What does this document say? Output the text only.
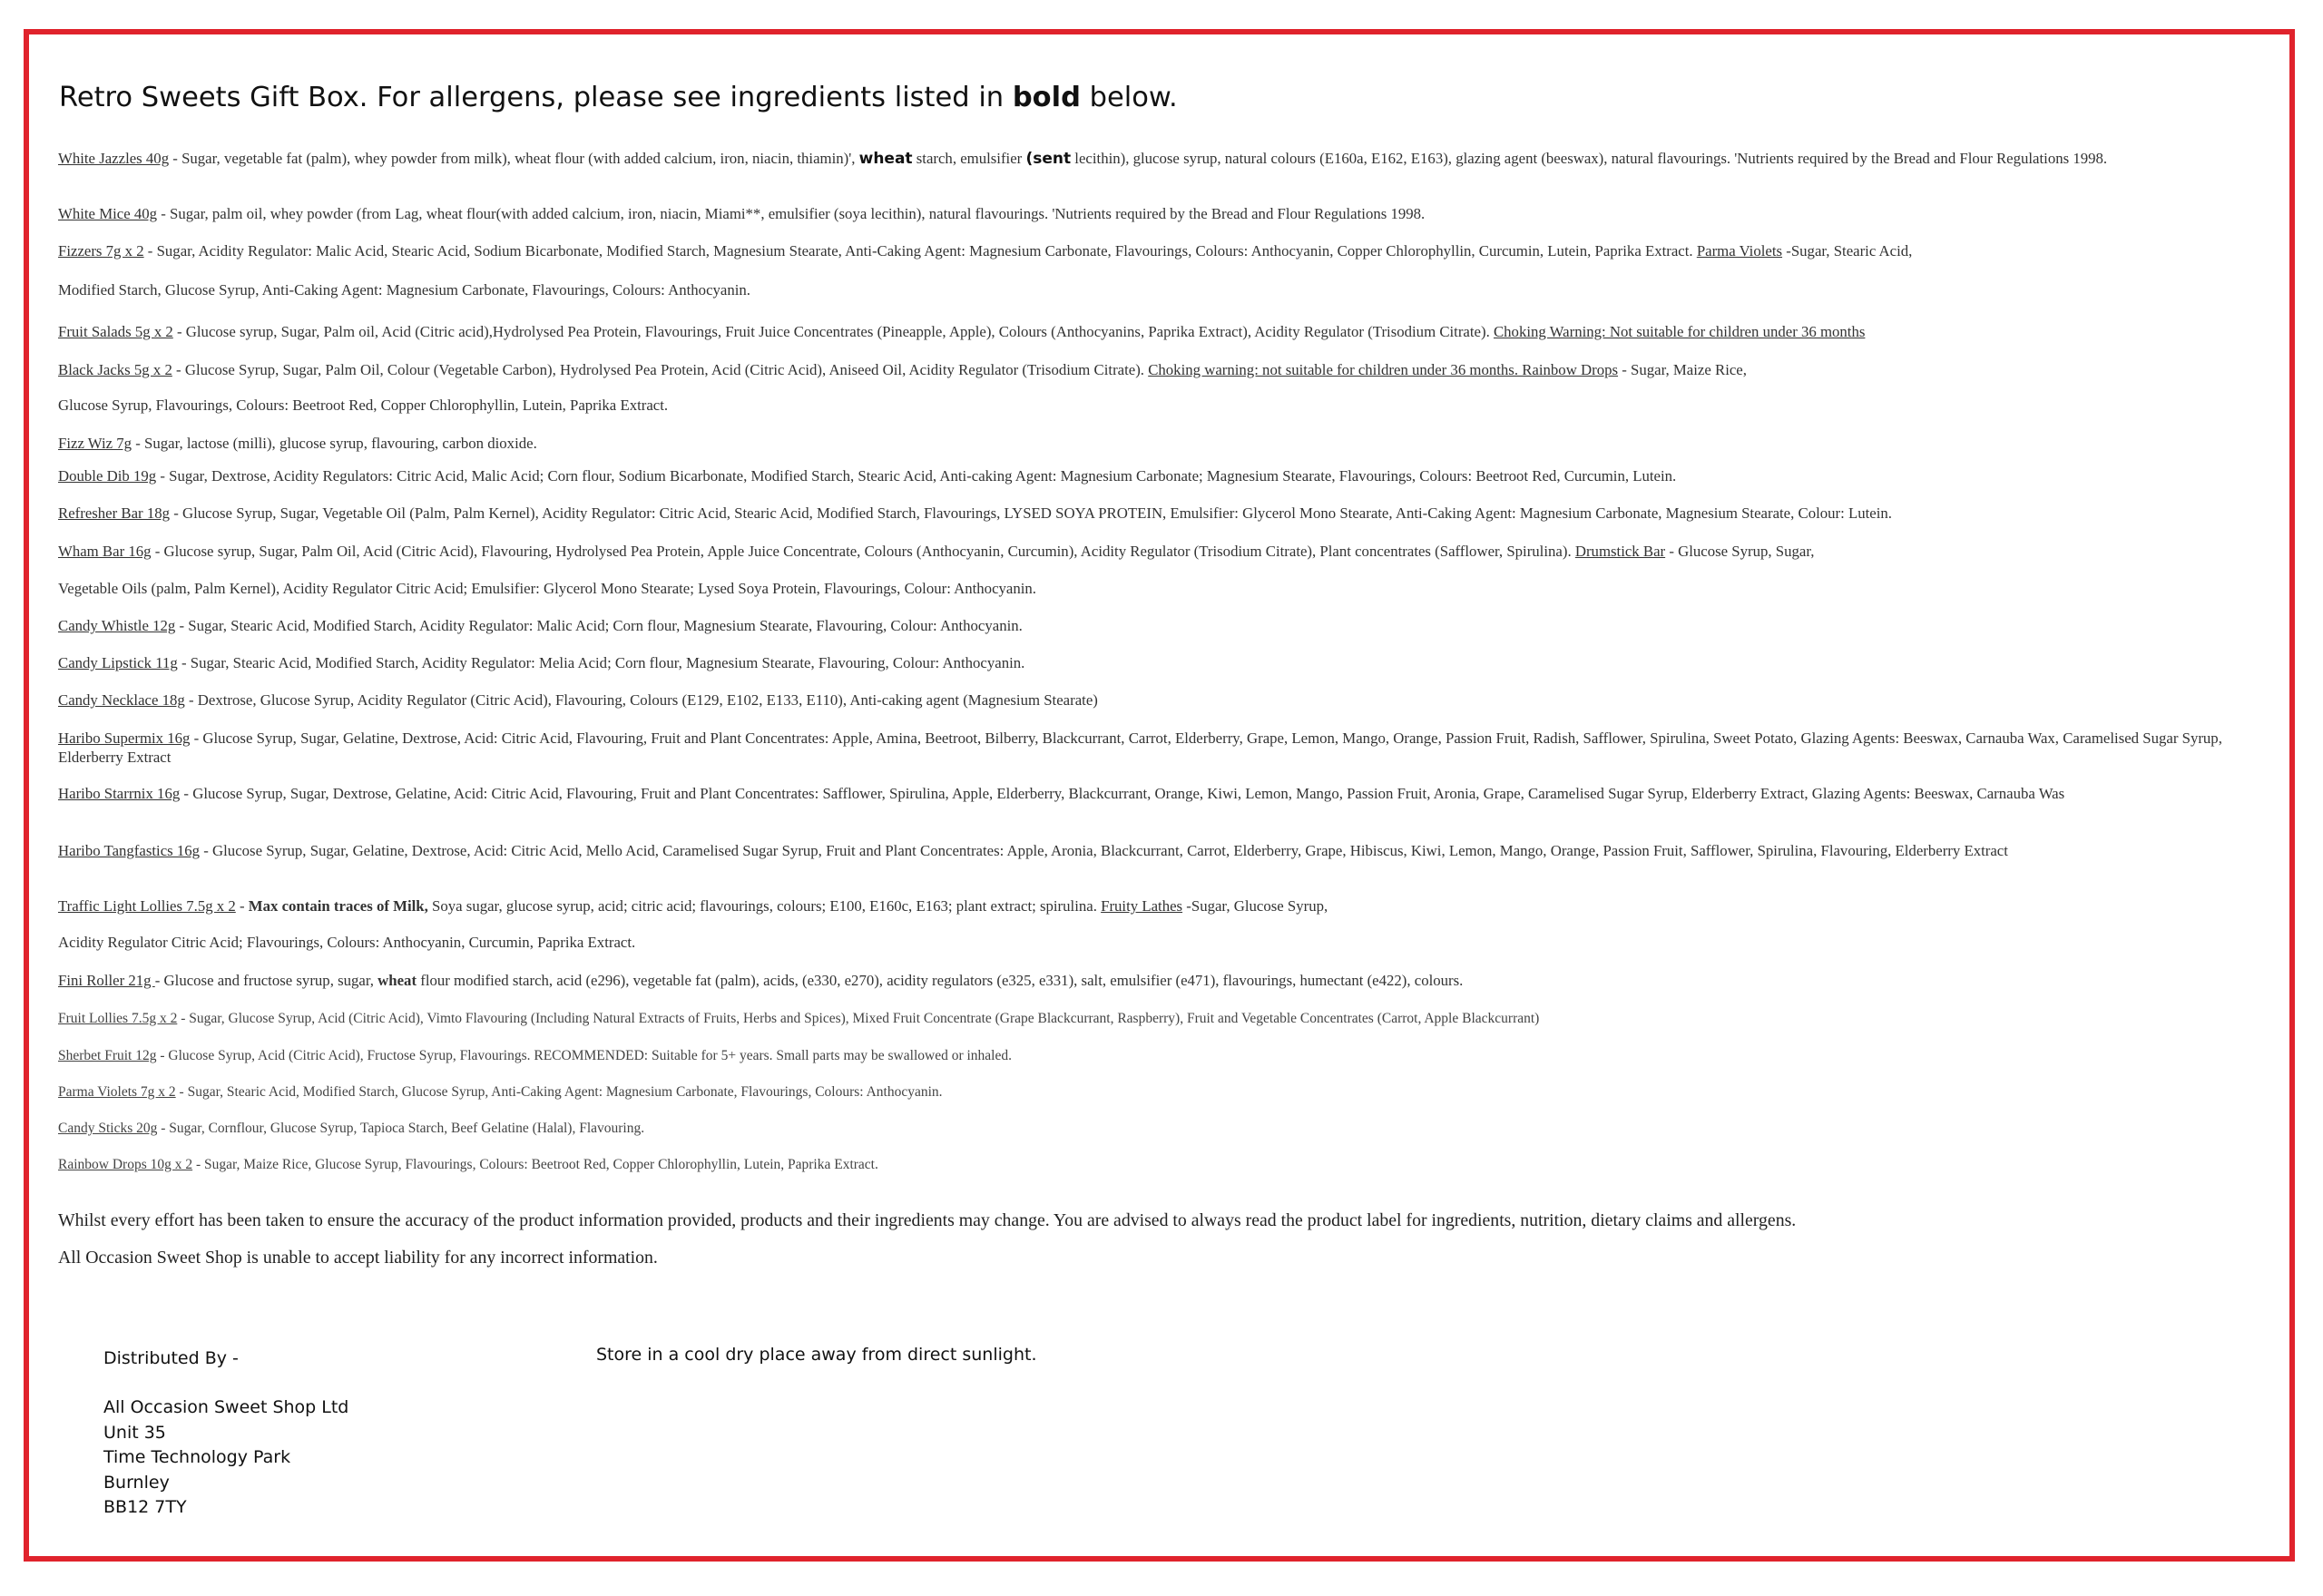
Retro Sweets Gift Box. For allergens, please see ingredients listed in bold below.
White Jazzles 40g - Sugar, vegetable fat (palm), whey powder from milk), wheat flour (with added calcium, iron, niacin, thiamin)', wheat starch, emulsifier (sent lecithin), glucose syrup, natural colours (E160a, E162, E163), glazing agent (beeswax), natural flavourings. 'Nutrients required by the Bread and Flour Regulations 1998.
White Mice 40g - Sugar, palm oil, whey powder (from Lag, wheat flour(with added calcium, iron, niacin, Miami**, emulsifier (soya lecithin), natural flavourings. 'Nutrients required by the Bread and Flour Regulations 1998.
Fizzers 7g x 2 - Sugar, Acidity Regulator: Malic Acid, Stearic Acid, Sodium Bicarbonate, Modified Starch, Magnesium Stearate, Anti-Caking Agent: Magnesium Carbonate, Flavourings, Colours: Anthocyanin, Copper Chlorophyllin, Curcumin, Lutein, Paprika Extract. Parma Violets -Sugar, Stearic Acid,
Modified Starch, Glucose Syrup, Anti-Caking Agent: Magnesium Carbonate, Flavourings, Colours: Anthocyanin.
Fruit Salads 5g x 2 - Glucose syrup, Sugar, Palm oil, Acid (Citric acid),Hydrolysed Pea Protein, Flavourings, Fruit Juice Concentrates (Pineapple, Apple), Colours (Anthocyanins, Paprika Extract), Acidity Regulator (Trisodium Citrate). Choking Warning: Not suitable for children under 36 months
Black Jacks 5g x 2 - Glucose Syrup, Sugar, Palm Oil, Colour (Vegetable Carbon), Hydrolysed Pea Protein, Acid (Citric Acid), Aniseed Oil, Acidity Regulator (Trisodium Citrate). Choking warning: not suitable for children under 36 months. Rainbow Drops - Sugar, Maize Rice,
Glucose Syrup, Flavourings, Colours: Beetroot Red, Copper Chlorophyllin, Lutein, Paprika Extract.
Fizz Wiz 7g - Sugar, lactose (milli), glucose syrup, flavouring, carbon dioxide.
Double Dib 19g - Sugar, Dextrose, Acidity Regulators: Citric Acid, Malic Acid; Corn flour, Sodium Bicarbonate, Modified Starch, Stearic Acid, Anti-caking Agent: Magnesium Carbonate; Magnesium Stearate, Flavourings, Colours: Beetroot Red, Curcumin, Lutein.
Refresher Bar 18g - Glucose Syrup, Sugar, Vegetable Oil (Palm, Palm Kernel), Acidity Regulator: Citric Acid, Stearic Acid, Modified Starch, Flavourings, LYSED SOYA PROTEIN, Emulsifier: Glycerol Mono Stearate, Anti-Caking Agent: Magnesium Carbonate, Magnesium Stearate, Colour: Lutein.
Wham Bar 16g - Glucose syrup, Sugar, Palm Oil, Acid (Citric Acid), Flavouring, Hydrolysed Pea Protein, Apple Juice Concentrate, Colours (Anthocyanin, Curcumin), Acidity Regulator (Trisodium Citrate), Plant concentrates (Safflower, Spirulina). Drumstick Bar - Glucose Syrup, Sugar,
Vegetable Oils (palm, Palm Kernel), Acidity Regulator Citric Acid; Emulsifier: Glycerol Mono Stearate; Lysed Soya Protein, Flavourings, Colour: Anthocyanin.
Candy Whistle 12g - Sugar, Stearic Acid, Modified Starch, Acidity Regulator: Malic Acid; Corn flour, Magnesium Stearate, Flavouring, Colour: Anthocyanin.
Candy Lipstick 11g - Sugar, Stearic Acid, Modified Starch, Acidity Regulator: Melia Acid; Corn flour, Magnesium Stearate, Flavouring, Colour: Anthocyanin.
Candy Necklace 18g - Dextrose, Glucose Syrup, Acidity Regulator (Citric Acid), Flavouring, Colours (E129, E102, E133, E110), Anti-caking agent (Magnesium Stearate)
Haribo Supermix 16g - Glucose Syrup, Sugar, Gelatine, Dextrose, Acid: Citric Acid, Flavouring, Fruit and Plant Concentrates: Apple, Amina, Beetroot, Bilberry, Blackcurrant, Carrot, Elderberry, Grape, Lemon, Mango, Orange, Passion Fruit, Radish, Safflower, Spirulina, Sweet Potato, Glazing Agents: Beeswax, Carnauba Wax, Caramelised Sugar Syrup, Elderberry Extract
Haribo Starrnix 16g - Glucose Syrup, Sugar, Dextrose, Gelatine, Acid: Citric Acid, Flavouring, Fruit and Plant Concentrates: Safflower, Spirulina, Apple, Elderberry, Blackcurrant, Orange, Kiwi, Lemon, Mango, Passion Fruit, Aronia, Grape, Caramelised Sugar Syrup, Elderberry Extract, Glazing Agents: Beeswax, Carnauba Was
Haribo Tangfastics 16g - Glucose Syrup, Sugar, Gelatine, Dextrose, Acid: Citric Acid, Mello Acid, Caramelised Sugar Syrup, Fruit and Plant Concentrates: Apple, Aronia, Blackcurrant, Carrot, Elderberry, Grape, Hibiscus, Kiwi, Lemon, Mango, Orange, Passion Fruit, Safflower, Spirulina, Flavouring, Elderberry Extract
Traffic Light Lollies 7.5g x 2 - Max contain traces of Milk, Soya sugar, glucose syrup, acid; citric acid; flavourings, colours; E100, E160c, E163; plant extract; spirulina. Fruity Lathes -Sugar, Glucose Syrup,
Acidity Regulator Citric Acid; Flavourings, Colours: Anthocyanin, Curcumin, Paprika Extract.
Fini Roller 21g - Glucose and fructose syrup, sugar, wheat flour modified starch, acid (e296), vegetable fat (palm), acids, (e330, e270), acidity regulators (e325, e331), salt, emulsifier (e471), flavourings, humectant (e422), colours.
Fruit Lollies 7.5g x 2 - Sugar, Glucose Syrup, Acid (Citric Acid), Vimto Flavouring (Including Natural Extracts of Fruits, Herbs and Spices), Mixed Fruit Concentrate (Grape Blackcurrant, Raspberry), Fruit and Vegetable Concentrates (Carrot, Apple Blackcurrant)
Sherbet Fruit 12g - Glucose Syrup, Acid (Citric Acid), Fructose Syrup, Flavourings. RECOMMENDED: Suitable for 5+ years. Small parts may be swallowed or inhaled.
Parma Violets 7g x 2 - Sugar, Stearic Acid, Modified Starch, Glucose Syrup, Anti-Caking Agent: Magnesium Carbonate, Flavourings, Colours: Anthocyanin.
Candy Sticks 20g - Sugar, Cornflour, Glucose Syrup, Tapioca Starch, Beef Gelatine (Halal), Flavouring.
Rainbow Drops 10g x 2 - Sugar, Maize Rice, Glucose Syrup, Flavourings, Colours: Beetroot Red, Copper Chlorophyllin, Lutein, Paprika Extract.
Whilst every effort has been taken to ensure the accuracy of the product information provided, products and their ingredients may change. You are advised to always read the product label for ingredients, nutrition, dietary claims and allergens.
All Occasion Sweet Shop is unable to accept liability for any incorrect information.
Distributed By -
All Occasion Sweet Shop Ltd
Unit 35
Time Technology Park
Burnley
BB12 7TY
Store in a cool dry place away from direct sunlight.
